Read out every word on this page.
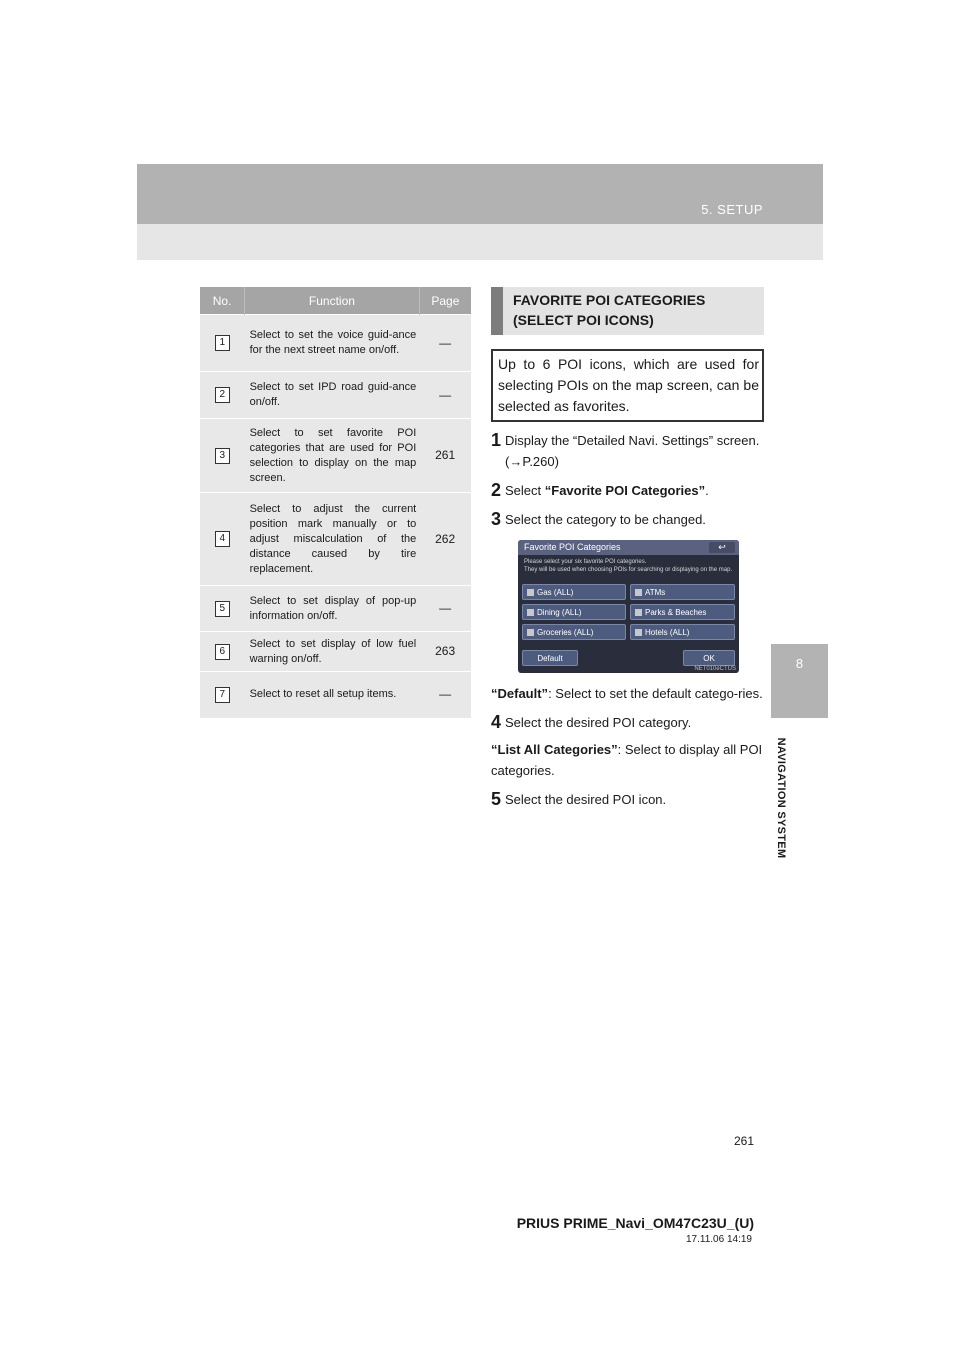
5. SETUP
8
NAVIGATION SYSTEM
No.	Function	Page
1	Select to set the voice guid-ance for the next street name on/off.	—
2	Select to set IPD road guid-ance on/off.	—
3	Select to set favorite POI categories that are used for POI selection to display on the map screen.	261
4	Select to adjust the current position mark manually or to adjust miscalculation of the distance caused by tire replacement.	262
5	Select to set display of pop-up information on/off.	—
6	Select to set display of low fuel warning on/off.	263
7	Select to reset all setup items.	—
FAVORITE POI CATEGORIES
(SELECT POI ICONS)
Up to 6 POI icons, which are used for selecting POIs on the map screen, can be selected as favorites.
1 Display the “Detailed Navi. Settings” screen. (→P.260)
2 Select “Favorite POI Categories”.
3 Select the category to be changed.
Favorite POI Categories	↩
Please select your six favorite POI categories.
They will be used when choosing POIs for searching or displaying on the map.
Gas (ALL)	ATMs
Dining (ALL)	Parks & Beaches
Groceries (ALL)	Hotels (ALL)
Default	OK
NET010eCTUS
“Default”: Select to set the default catego-ries.
4 Select the desired POI category.
“List All Categories”: Select to display all POI categories.
5 Select the desired POI icon.
261
PRIUS PRIME_Navi_OM47C23U_(U)
17.11.06 14:19
